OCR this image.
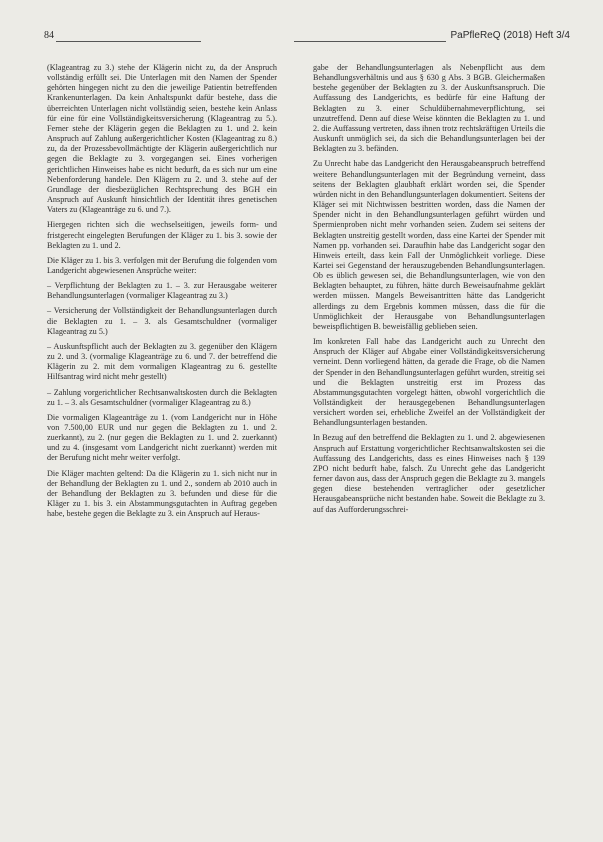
84	PaPfleReQ (2018) Heft 3/4

(Klageantrag zu 3.) stehe der Klägerin nicht zu, da der Anspruch vollständig erfüllt sei. Die Unterlagen mit den Namen der Spender gehörten hingegen nicht zu den die jeweilige Patientin betreffenden Krankenunterlagen. Da kein Anhaltspunkt dafür bestehe, dass die überreichten Unterlagen nicht vollständig seien, bestehe kein Anlass für eine für eine Vollständigkeitsversicherung (Klageantrag zu 5.). Ferner stehe der Klägerin gegen die Beklagten zu 1. und 2. kein Anspruch auf Zahlung außergerichtlicher Kosten (Klageantrag zu 8.) zu, da der Prozessbevollmächtigte der Klägerin außergerichtlich nur gegen die Beklagte zu 3. vorgegangen sei. Eines vorherigen gerichtlichen Hinweises habe es nicht bedurft, da es sich nur um eine Nebenforderung handele. Den Klägern zu 2. und 3. stehe auf der Grundlage der diesbezüglichen Rechtsprechung des BGH ein Anspruch auf Auskunft hinsichtlich der Identität ihres genetischen Vaters zu (Klageanträge zu 6. und 7.).

Hiergegen richten sich die wechselseitigen, jeweils form- und fristgerecht eingelegten Berufungen der Kläger zu 1. bis 3. sowie der Beklagten zu 1. und 2.

Die Kläger zu 1. bis 3. verfolgen mit der Berufung die folgenden vom Landgericht abgewiesenen Ansprüche weiter:

– Verpflichtung der Beklagten zu 1. – 3. zur Herausgabe weiterer Behandlungsunterlagen (vormaliger Klageantrag zu 3.)

– Versicherung der Vollständigkeit der Behandlungsunterlagen durch die Beklagten zu 1. – 3. als Gesamtschuldner (vormaliger Klageantrag zu 5.)

– Auskunftspflicht auch der Beklagten zu 3. gegenüber den Klägern zu 2. und 3. (vormalige Klageanträge zu 6. und 7. der betreffend die Klägerin zu 2. mit dem vormaligen Klageantrag zu 6. gestellte Hilfsantrag wird nicht mehr gestellt)

– Zahlung vorgerichtlicher Rechtsanwaltskosten durch die Beklagten zu 1. – 3. als Gesamtschuldner (vormaliger Klageantrag zu 8.)

Die vormaligen Klageanträge zu 1. (vom Landgericht nur in Höhe von 7.500,00 EUR und nur gegen die Beklagten zu 1. und 2. zuerkannt), zu 2. (nur gegen die Beklagten zu 1. und 2. zuerkannt) und zu 4. (insgesamt vom Landgericht nicht zuerkannt) werden mit der Berufung nicht mehr weiter verfolgt.

Die Kläger machten geltend: Da die Klägerin zu 1. sich nicht nur in der Behandlung der Beklagten zu 1. und 2., sondern ab 2010 auch in der Behandlung der Beklagten zu 3. befunden und diese für die Kläger zu 1. bis 3. ein Abstammungsgutachten in Auftrag gegeben habe, bestehe gegen die Beklagte zu 3. ein Anspruch auf Heraus-

gabe der Behandlungsunterlagen als Nebenpflicht aus dem Behandlungsverhältnis und aus § 630 g Abs. 3 BGB. Gleichermaßen bestehe gegenüber der Beklagten zu 3. der Auskunftsanspruch. Die Auffassung des Landgerichts, es bedürfe für eine Haftung der Beklagten zu 3. einer Schuldübernahmeverpflichtung, sei unzutreffend. Denn auf diese Weise könnten die Beklagten zu 1. und 2. die Auffassung vertreten, dass ihnen trotz rechtskräftigen Urteils die Auskunft unmöglich sei, da sich die Behandlungsunterlagen bei der Beklagten zu 3. befänden.

Zu Unrecht habe das Landgericht den Herausgabeanspruch betreffend weitere Behandlungsunterlagen mit der Begründung verneint, dass seitens der Beklagten glaubhaft erklärt worden sei, die Spender würden nicht in den Behandlungsunterlagen dokumentiert. Seitens der Kläger sei mit Nichtwissen bestritten worden, dass die Namen der Spender nicht in den Behandlungsunterlagen geführt würden und Spermienproben nicht mehr vorhanden seien. Zudem sei seitens der Beklagten unstreitig gestellt worden, dass eine Kartei der Spender mit Namen pp. vorhanden sei. Daraufhin habe das Landgericht sogar den Hinweis erteilt, dass kein Fall der Unmöglichkeit vorliege. Diese Kartei sei Gegenstand der herauszugebenden Behandlungsunterlagen. Ob es üblich gewesen sei, die Behandlungsunterlagen, wie von den Beklagten behauptet, zu führen, hätte durch Beweisaufnahme geklärt werden müssen. Mangels Beweisantritten hätte das Landgericht allerdings zu dem Ergebnis kommen müssen, dass die für die Unmöglichkeit der Herausgabe von Behandlungsunterlagen beweispflichtigen B. beweisfällig geblieben seien.

Im konkreten Fall habe das Landgericht auch zu Unrecht den Anspruch der Kläger auf Abgabe einer Vollständigkeitsversicherung verneint. Denn vorliegend hätten, da gerade die Frage, ob die Namen der Spender in den Behandlungsunterlagen geführt wurden, streitig sei und die Beklagten unstreitig erst im Prozess das Abstammungsgutachten vorgelegt hätten, obwohl vorgerichtlich die Vollständigkeit der herausgegebenen Behandlungsunterlagen versichert worden sei, erhebliche Zweifel an der Vollständigkeit der Behandlungsunterlagen bestanden.

In Bezug auf den betreffend die Beklagten zu 1. und 2. abgewiesenen Anspruch auf Erstattung vorgerichtlicher Rechtsanwaltskosten sei die Auffassung des Landgerichts, dass es eines Hinweises nach § 139 ZPO nicht bedurft habe, falsch. Zu Unrecht gehe das Landgericht ferner davon aus, dass der Anspruch gegen die Beklagte zu 3. mangels gegen diese bestehenden vertraglicher oder gesetzlicher Herausgabeansprüche nicht bestanden habe. Soweit die Beklagte zu 3. auf das Aufforderungsschrei-
